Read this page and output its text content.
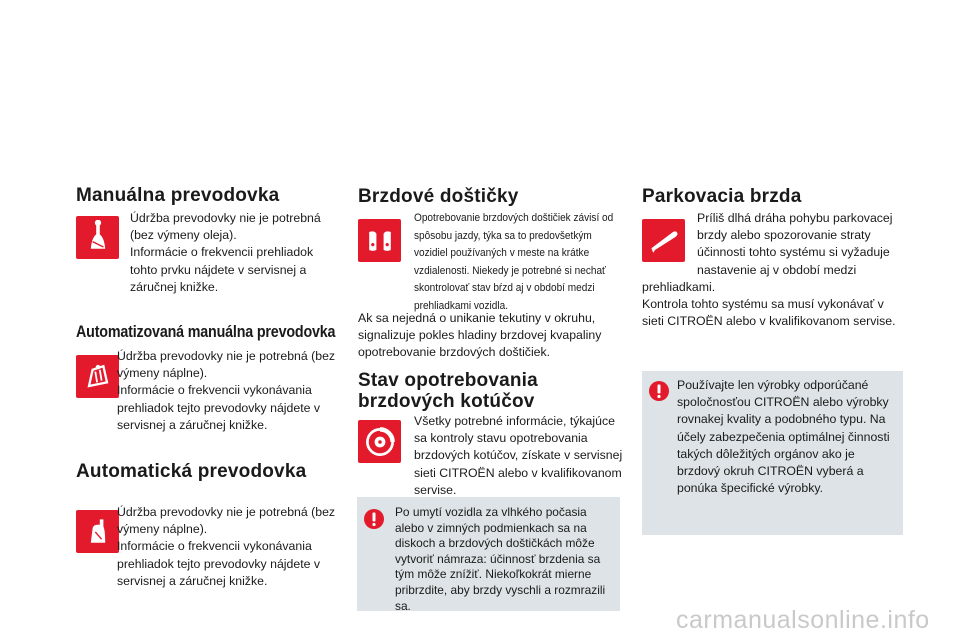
Manuálna prevodovka

Údržba prevodovky nie je potrebná (bez výmeny oleja).

Informácie o frekvencii prehliadok tohto prvku nájdete v servisnej a záručnej knižke.

Automatizovaná manuálna prevodovka

Údržba prevodovky nie je potrebná (bez výmeny náplne).

Informácie o frekvencii vykonávania prehliadok tejto prevodovky nájdete v servisnej a záručnej knižke.

Automatická prevodovka

Údržba prevodovky nie je potrebná (bez výmeny náplne).

Informácie o frekvencii vykonávania prehliadok tejto prevodovky nájdete v servisnej a záručnej knižke.

Brzdové doštičky
Opotrebovanie brzdových doštičiek závisí od spôsobu jazdy, týka sa to predovšetkým vozidiel používaných v meste na krátke vzdialenosti. Niekedy je potrebné si nechať skontrolovať stav bŕzd aj v období medzi prehliadkami vozidla.
Ak sa nejedná o unikanie tekutiny v okruhu, signalizuje pokles hladiny brzdovej kvapaliny opotrebovanie brzdových doštičiek.
Stav opotrebovania
brzdových kotúčov
Všetky potrebné informácie, týkajúce sa kontroly stavu opotrebovania brzdových kotúčov, získate v servisnej sieti CITROËN alebo v kvalifikovanom servise.
Po umytí vozidla za vlhkého počasia alebo v zimných podmienkach sa na diskoch a brzdových doštičkách môže vytvoriť námraza: účinnosť brzdenia sa tým môže znížiť. Niekoľkokrát mierne pribrzdite, aby brzdy vyschli a rozmrazili sa.
Parkovacia brzda

Príliš dlhá dráha pohybu parkovacej brzdy alebo spozorovanie straty účinnosti tohto systému si vyžaduje nastavenie aj v období medzi

prehliadkami.

Kontrola tohto systému sa musí vykonávať v sieti CITROËN alebo v kvalifikovanom servise.

Používajte len výrobky odporúčané spoločnosťou CITROËN alebo výrobky rovnakej kvality a podobného typu. Na účely zabezpečenia optimálnej činnosti takých dôležitých orgánov ako je brzdový okruh CITROËN vyberá a ponúka špecifické výrobky.
carmanualsonline.info
